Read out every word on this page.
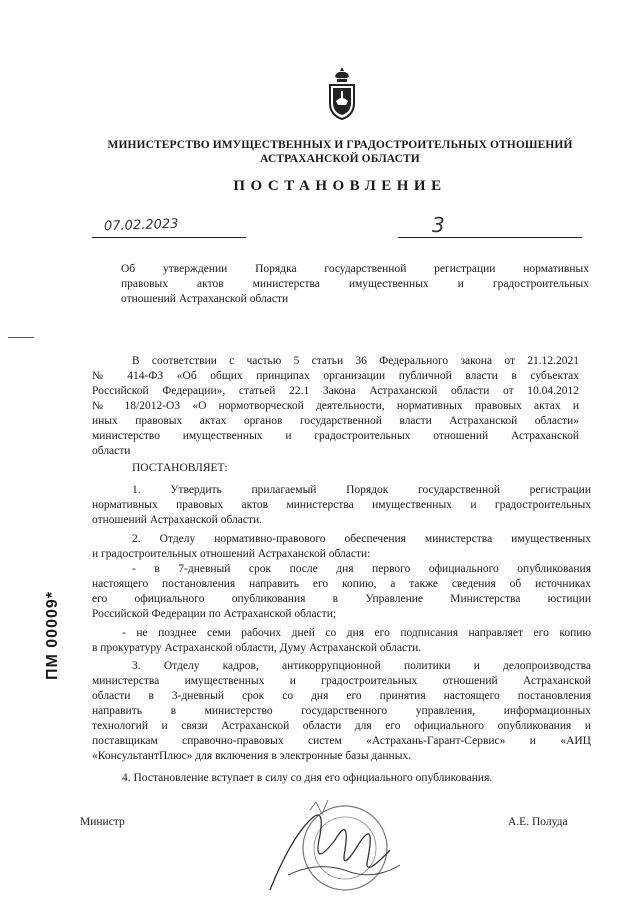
МИНИСТЕРСТВО ИМУЩЕСТВЕННЫХ И ГРАДОСТРОИТЕЛЬНЫХ ОТНОШЕНИЙ
АСТРАХАНСКОЙ ОБЛАСТИ
ПОСТАНОВЛЕНИЕ
07.02.2023	3
Об утверждении Порядка государственной регистрации нормативных
правовых актов министерства имущественных и градостроительных
отношений Астраханской области
В соответствии с частью 5 статьи 36 Федерального закона от 21.12.2021
№ 414-ФЗ «Об общих принципах организации публичной власти в субъектах
Российской Федерации», статьей 22.1 Закона Астраханской области от 10.04.2012
№ 18/2012-ОЗ «О нормотворческой деятельности, нормативных правовых актах и
иных правовых актах органов государственной власти Астраханской области»
министерство имущественных и градостроительных отношений Астраханской
области
ПОСТАНОВЛЯЕТ:
1. Утвердить прилагаемый Порядок государственной регистрации
нормативных правовых актов министерства имущественных и градостроительных
отношений Астраханской области.
2. Отделу нормативно-правового обеспечения министерства имущественных
и градостроительных отношений Астраханской области:
- в 7-дневный срок после дня первого официального опубликования
настоящего постановления направить его копию, а также сведения об источниках
его официального опубликования в Управление Министерства юстиции
Российской Федерации по Астраханской области;
- не позднее семи рабочих дней со дня его подписания направляет его копию
в прокуратуру Астраханской области, Думу Астраханской области.
3. Отделу кадров, антикоррупционной политики и делопроизводства
министерства имущественных и градостроительных отношений Астраханской
области в 3-дневный срок со дня его принятия настоящего постановления
направить в министерство государственного управления, информационных
технологий и связи Астраханской области для его официального опубликования и
поставщикам справочно-правовых систем «Астрахань-Гарант-Сервис» и «АИЦ
«КонсультантПлюс» для включения в электронные базы данных.
4. Постановление вступает в силу со дня его официального опубликования.
ПМ 00009*
Министр	А.Е. Полуда
